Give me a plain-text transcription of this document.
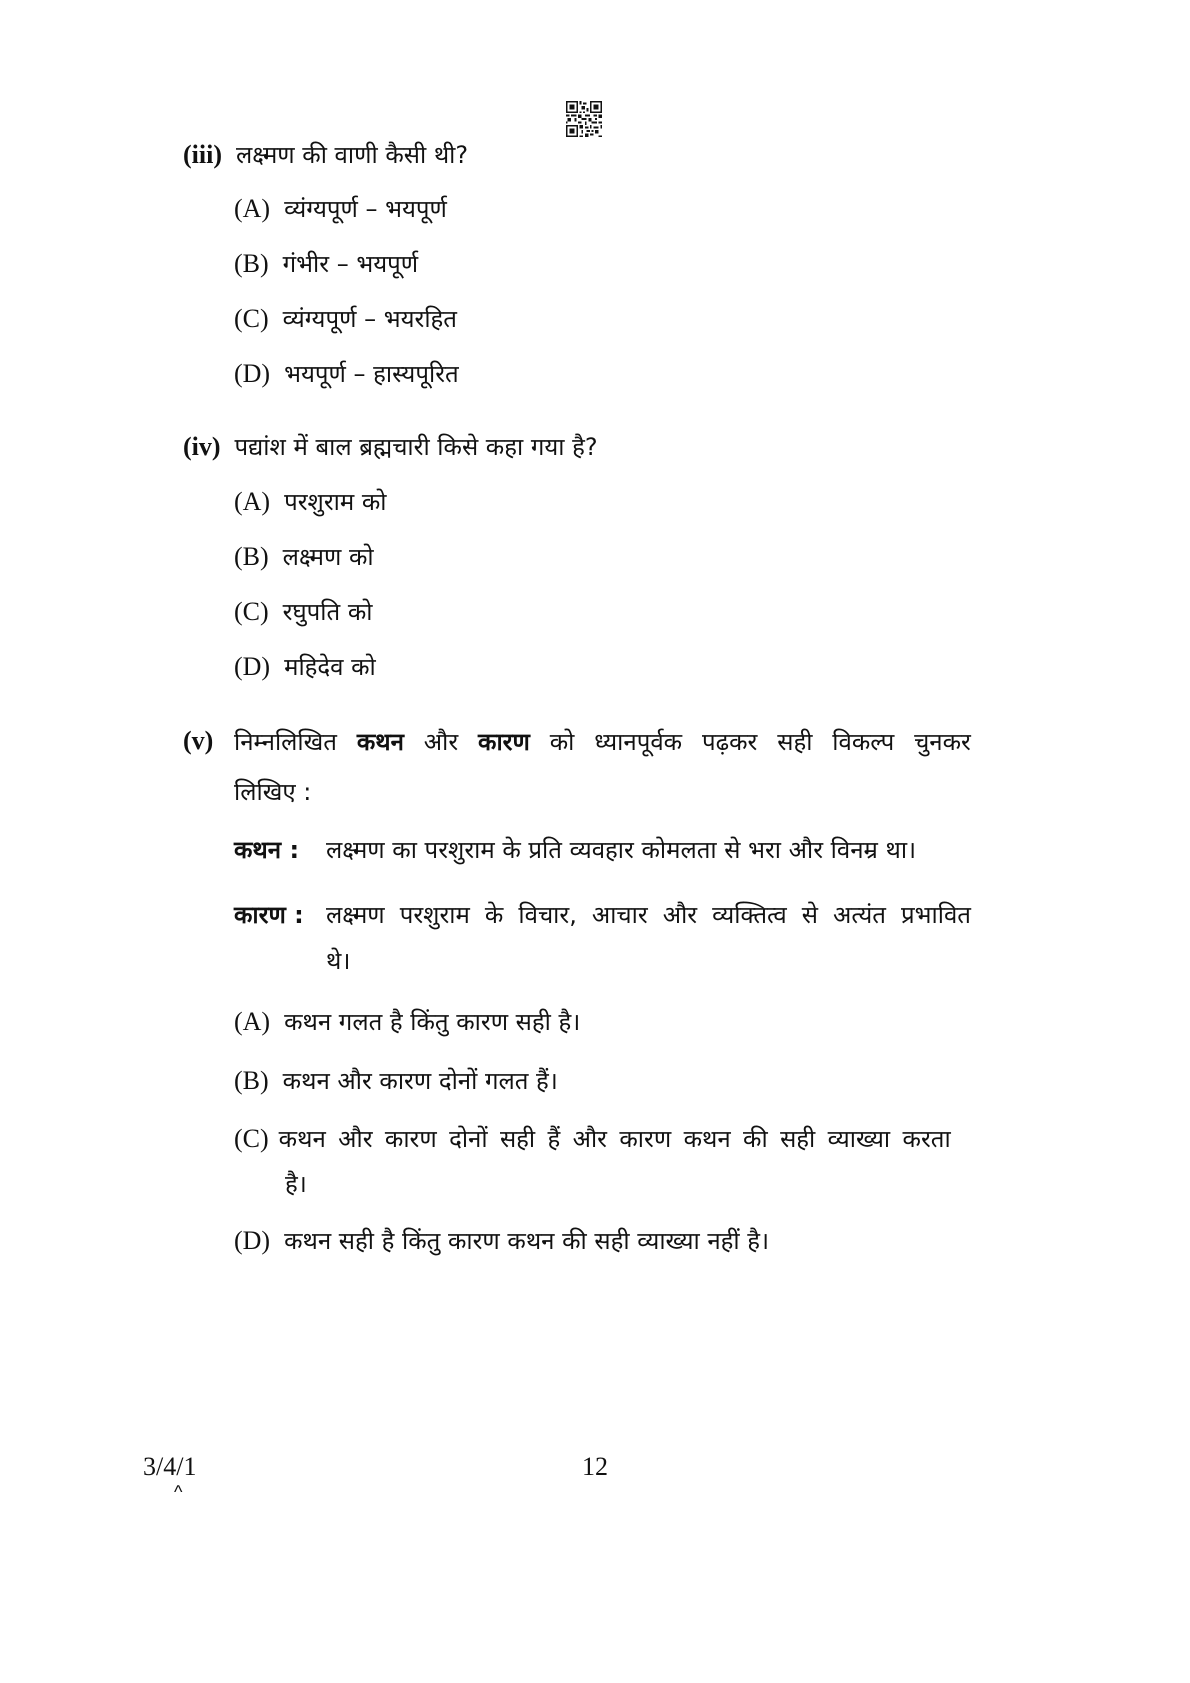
(iii) लक्ष्मण की वाणी कैसी थी?
(A) व्यंग्यपूर्ण – भयपूर्ण
(B) गंभीर – भयपूर्ण
(C) व्यंग्यपूर्ण – भयरहित
(D) भयपूर्ण – हास्यपूरित
(iv) पद्यांश में बाल ब्रह्मचारी किसे कहा गया है?
(A) परशुराम को
(B) लक्ष्मण को
(C) रघुपति को
(D) महिदेव को
(v) निम्नलिखित कथन और कारण को ध्यानपूर्वक पढ़कर सही विकल्प चुनकर
लिखिए :
कथन : लक्ष्मण का परशुराम के प्रति व्यवहार कोमलता से भरा और विनम्र था।
कारण : लक्ष्मण परशुराम के विचार, आचार और व्यक्तित्व से अत्यंत प्रभावित
थे।
(A) कथन गलत है किंतु कारण सही है।
(B) कथन और कारण दोनों गलत हैं।
(C) कथन और कारण दोनों सही हैं और कारण कथन की सही व्याख्या करता
है।
(D) कथन सही है किंतु कारण कथन की सही व्याख्या नहीं है।
3/4/1
^
12
